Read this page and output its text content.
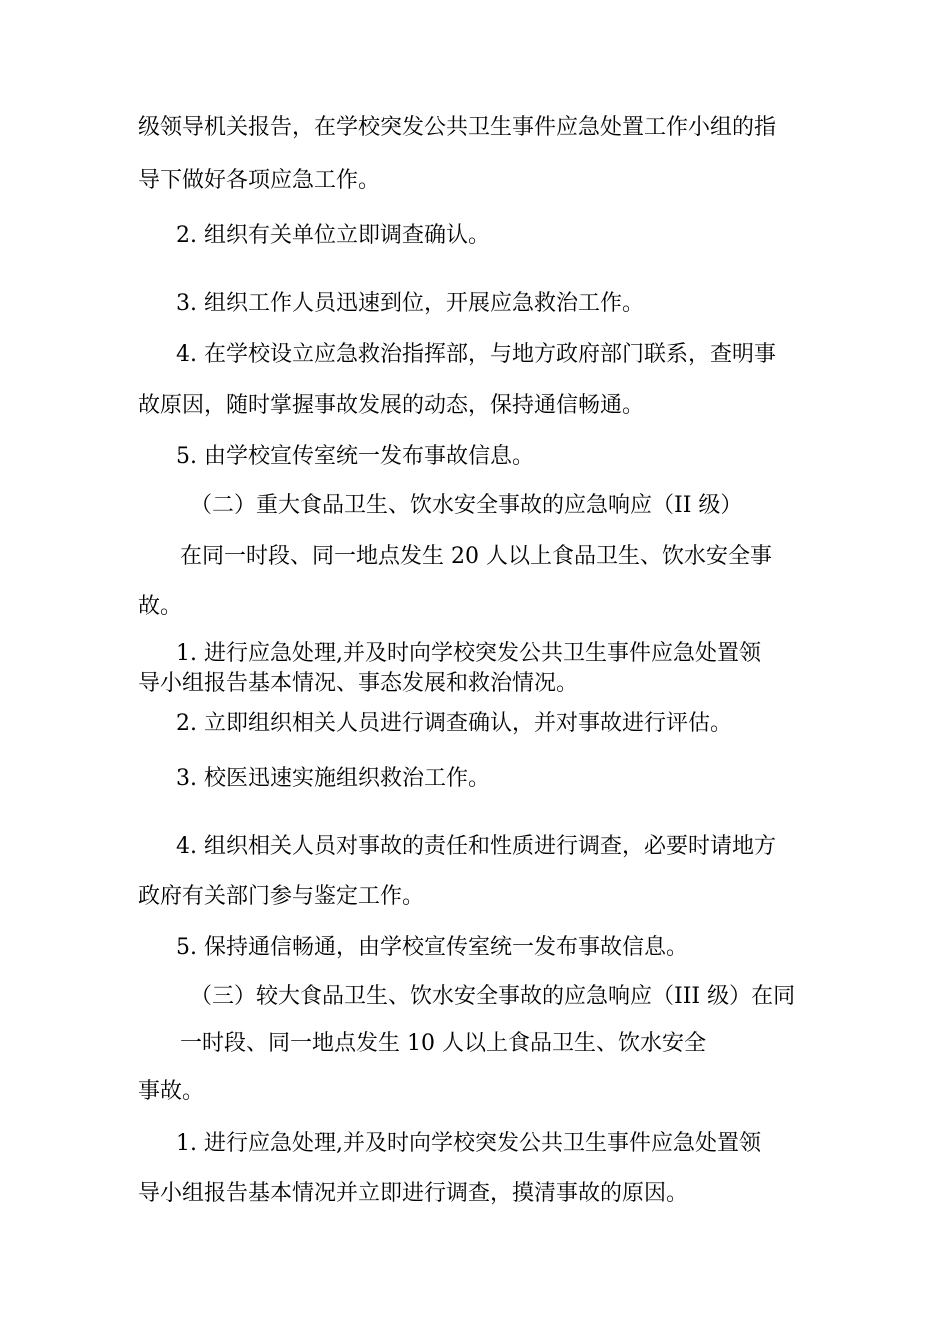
级领导机关报告，在学校突发公共卫生事件应急处置工作小组的指
导下做好各项应急工作。
2. 组织有关单位立即调查确认。
3. 组织工作人员迅速到位，开展应急救治工作。
4. 在学校设立应急救治指挥部，与地方政府部门联系，查明事
故原因，随时掌握事故发展的动态，保持通信畅通。
5. 由学校宣传室统一发布事故信息。
（二）重大食品卫生、饮水安全事故的应急响应（II 级）
在同一时段、同一地点发生 20 人以上食品卫生、饮水安全事
故。
1. 进行应急处理,并及时向学校突发公共卫生事件应急处置领
导小组报告基本情况、事态发展和救治情况。
2. 立即组织相关人员进行调查确认，并对事故进行评估。
3. 校医迅速实施组织救治工作。
4. 组织相关人员对事故的责任和性质进行调查，必要时请地方
政府有关部门参与鉴定工作。
5. 保持通信畅通，由学校宣传室统一发布事故信息。
（三）较大食品卫生、饮水安全事故的应急响应（III 级）在同
一时段、同一地点发生 10 人以上食品卫生、饮水安全
事故。
1. 进行应急处理,并及时向学校突发公共卫生事件应急处置领
导小组报告基本情况并立即进行调查，摸清事故的原因。
